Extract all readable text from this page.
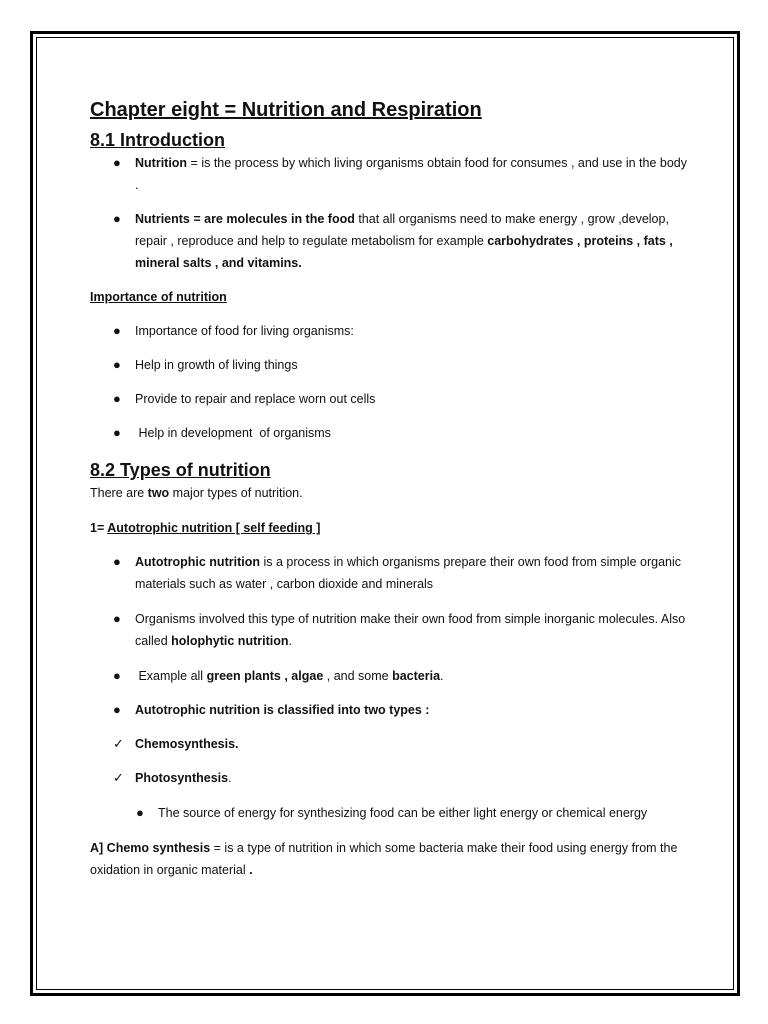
Chapter eight = Nutrition and Respiration
8.1 Introduction
● Nutrition = is the process by which living organisms obtain food for consumes , and use in the body .
● Nutrients = are molecules in the food that all organisms need to make energy , grow ,develop, repair , reproduce and help to regulate metabolism for example carbohydrates , proteins , fats , mineral salts , and vitamins.

Importance of nutrition

● Importance of food for living organisms:
● Help in growth of living things
● Provide to repair and replace worn out cells
● Help in development  of organisms
8.2 Types of nutrition

There are two major types of nutrition.

1= Autotrophic nutrition [ self feeding ]

● Autotrophic nutrition is a process in which organisms prepare their own food from simple organic materials such as water , carbon dioxide and minerals
● Organisms involved this type of nutrition make their own food from simple inorganic molecules. Also called holophytic nutrition.
● Example all green plants , algae , and some bacteria.
● Autotrophic nutrition is classified into two types :
✓ Chemosynthesis.
✓ Photosynthesis.
● The source of energy for synthesizing food can be either light energy or chemical energy

A] Chemo synthesis = is a type of nutrition in which some bacteria make their food using energy from the oxidation in organic material .
